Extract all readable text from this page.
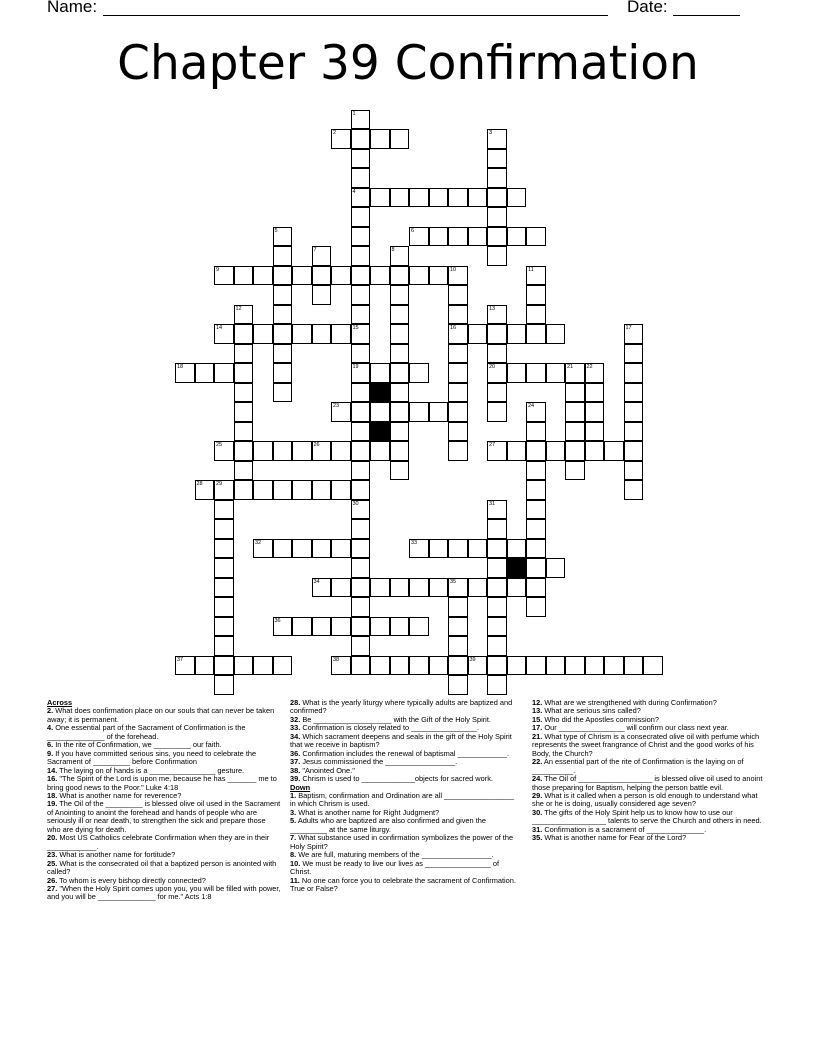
Name:	Date:
Chapter 39 Confirmation
1
2	3
4
5	6
7	8
9	10	11
12	13
14	15	16	17
18	19	20	21 22
23	24
25	26	27
28 29
30	31
32	33
34	35
36
37	38	39
Across
2. What does confirmation place on our souls that can never be taken away; it is permanent.
4. One essential part of the Sacrament of Confirmation is the ______________ of the forehead.
6. In the rite of Confirmation, we _________ our faith.
9. If you have committed serious sins, you need to celebrate the Sacrament of _________ before Confirmation
14. The laying on of hands is a ________________ gesture.
16. "The Spirit of the Lord is upon me, because he has _______ me to bring good news to the Poor." Luke 4:18
18. What is another name for reverence?
19. The Oil of the _________ is blessed olive oil used in the Sacrament of Anointing to anoint the forehead and hands of people who are seriously ill or near death, to strengthen the sick and prepare those who are dying for death.
20. Most US Catholics celebrate Confirmation when they are in their ____________.
23. What is another name for fortitude?
25. What is the consecrated oil that a baptized person is anointed with called?
26. To whom is every bishop directly connected?
27. "When the Holy Spirit comes upon you, you will be filled with power, and you will be ______________ for me." Acts 1:8
28. What is the yearly liturgy where typically adults are baptized and confirmed?
32. Be ___________________ with the Gift of the Holy Spirit.
33. Confirmation is closely related to ________________.
34. Which sacrament deepens and seals in the gift of the Holy Spirit that we receive in baptism?
36. Confirmation includes the renewal of baptismal ____________.
37. Jesus commissioned the _________________.
38. "Anointed One."
39. Chrism is used to _____________objects for sacred work.
Down
1. Baptism, confirmation and Ordination are all _________________ in which Chrism is used.
3. What is another name for Right Judgment?
5. Adults who are baptized are also confirmed and given the _________ at the same liturgy.
7. What substance used in confirmation symbolizes the power of the Holy Spirit?
8. We are full, maturing members of the _________________.
10. We must be ready to live our lives as ________________ of Christ.
11. No one can force you to celebrate the sacrament of Confirmation. True or False?
12. What are we strengthened with during Confirmation?
13. What are serious sins called?
15. Who did the Apostles commission?
17. Our ________________ will confirm our class next year.
21. What type of Chrism is a consecrated olive oil with perfume which represents the sweet frangrance of Christ and the good works of his Body, the Church?
22. An essential part of the rite of Confirmation is the laying on of __________.
24. The Oil of __________________ is blessed olive oil used to anoint those preparing for Baptism, helping the person battle evil.
29. What is it called when a person is old enough to understand what she or he is doing, usually considered age seven?
30. The gifts of the Holy Spirit help us to know how to use our __________________ talents to serve the Church and others in need.
31. Confirmation is a sacrament of ______________.
35. What is another name for Fear of the Lord?
